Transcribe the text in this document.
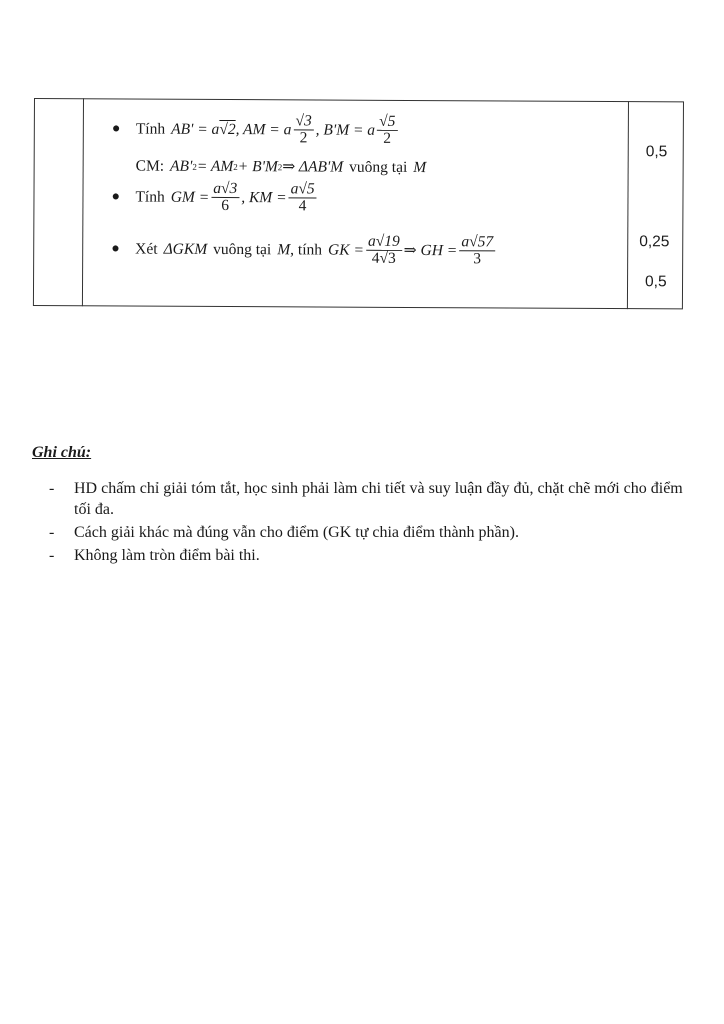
● Tính AB' = a √2 , AM = a $\frac{√3}{2}$ , B'M = a $\frac{√5}{2}$
CM: AB' 2 = AM 2 + B'M 2 ⇒ ΔAB'M vuông tại M
● Tính GM = $\frac{a√3}{6}$ , KM = $\frac{a√5}{4}$
● Xét ΔGKM vuông tại M , tính GK = $\frac{a√19}{4√3}$ ⇒ GH = $\frac{a√57}{3}$
0,5
0,25
0,5
Ghi chú:
- HD chấm chỉ giải tóm tắt, học sinh phải làm chi tiết và suy luận đầy đủ, chặt chẽ mới cho điểm tối đa.
- Cách giải khác mà đúng vẫn cho điểm (GK tự chia điểm thành phần).
- Không làm tròn điểm bài thi.
